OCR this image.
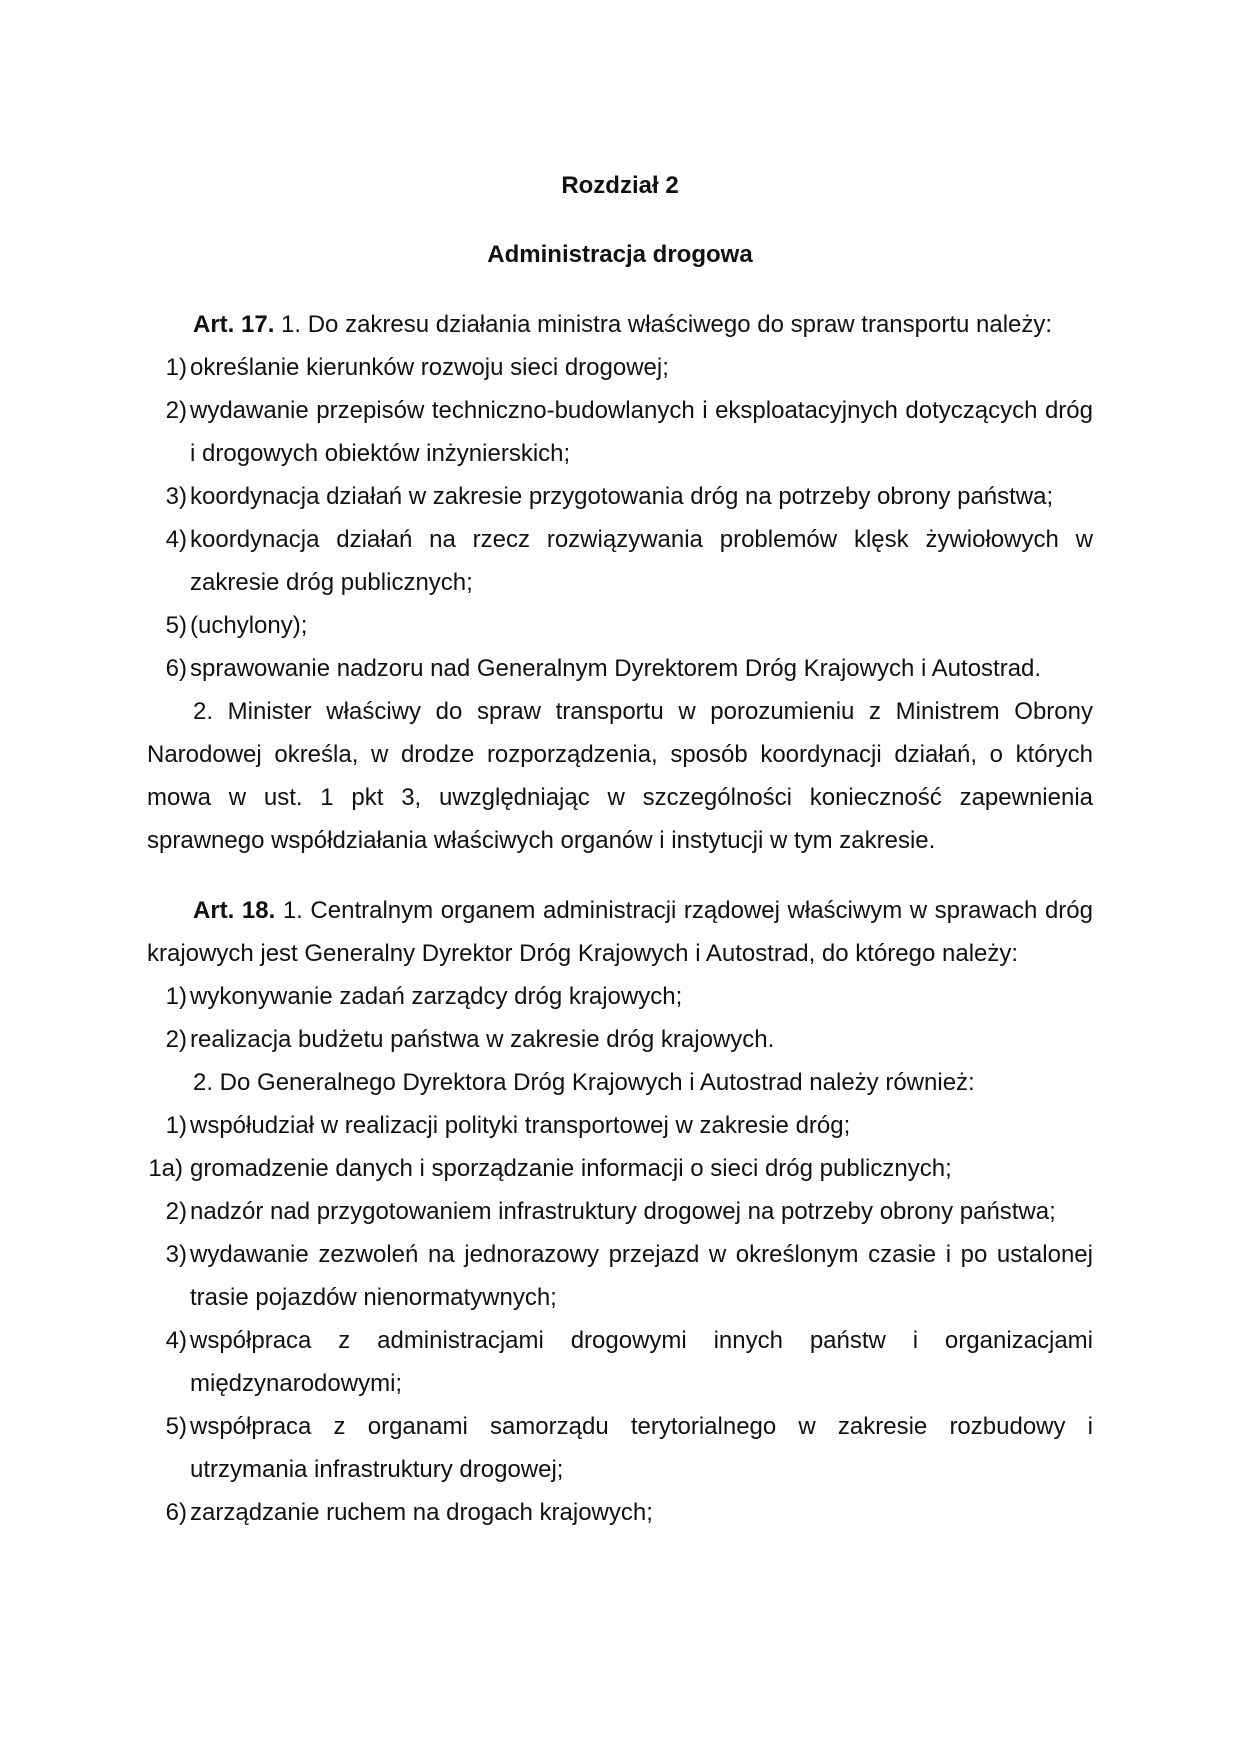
Rozdział 2
Administracja drogowa

Art. 17. 1. Do zakresu działania ministra właściwego do spraw transportu należy:

1) określanie kierunków rozwoju sieci drogowej;
2) wydawanie przepisów techniczno-budowlanych i eksploatacyjnych dotyczących dróg i drogowych obiektów inżynierskich;
3) koordynacja działań w zakresie przygotowania dróg na potrzeby obrony państwa;
4) koordynacja działań na rzecz rozwiązywania problemów klęsk żywiołowych w zakresie dróg publicznych;
5) (uchylony);
6) sprawowanie nadzoru nad Generalnym Dyrektorem Dróg Krajowych i Autostrad.

2. Minister właściwy do spraw transportu w porozumieniu z Ministrem Obrony Narodowej określa, w drodze rozporządzenia, sposób koordynacji działań, o których mowa w ust. 1 pkt 3, uwzględniając w szczególności konieczność zapewnienia sprawnego współdziałania właściwych organów i instytucji w tym zakresie.

Art. 18. 1. Centralnym organem administracji rządowej właściwym w sprawach dróg krajowych jest Generalny Dyrektor Dróg Krajowych i Autostrad, do którego należy:

1) wykonywanie zadań zarządcy dróg krajowych;
2) realizacja budżetu państwa w zakresie dróg krajowych.

2. Do Generalnego Dyrektora Dróg Krajowych i Autostrad należy również:

1) współudział w realizacji polityki transportowej w zakresie dróg;
1a) gromadzenie danych i sporządzanie informacji o sieci dróg publicznych;
2) nadzór nad przygotowaniem infrastruktury drogowej na potrzeby obrony państwa;
3) wydawanie zezwoleń na jednorazowy przejazd w określonym czasie i po ustalonej trasie pojazdów nienormatywnych;
4) współpraca z administracjami drogowymi innych państw i organizacjami międzynarodowymi;
5) współpraca z organami samorządu terytorialnego w zakresie rozbudowy i utrzymania infrastruktury drogowej;
6) zarządzanie ruchem na drogach krajowych;
